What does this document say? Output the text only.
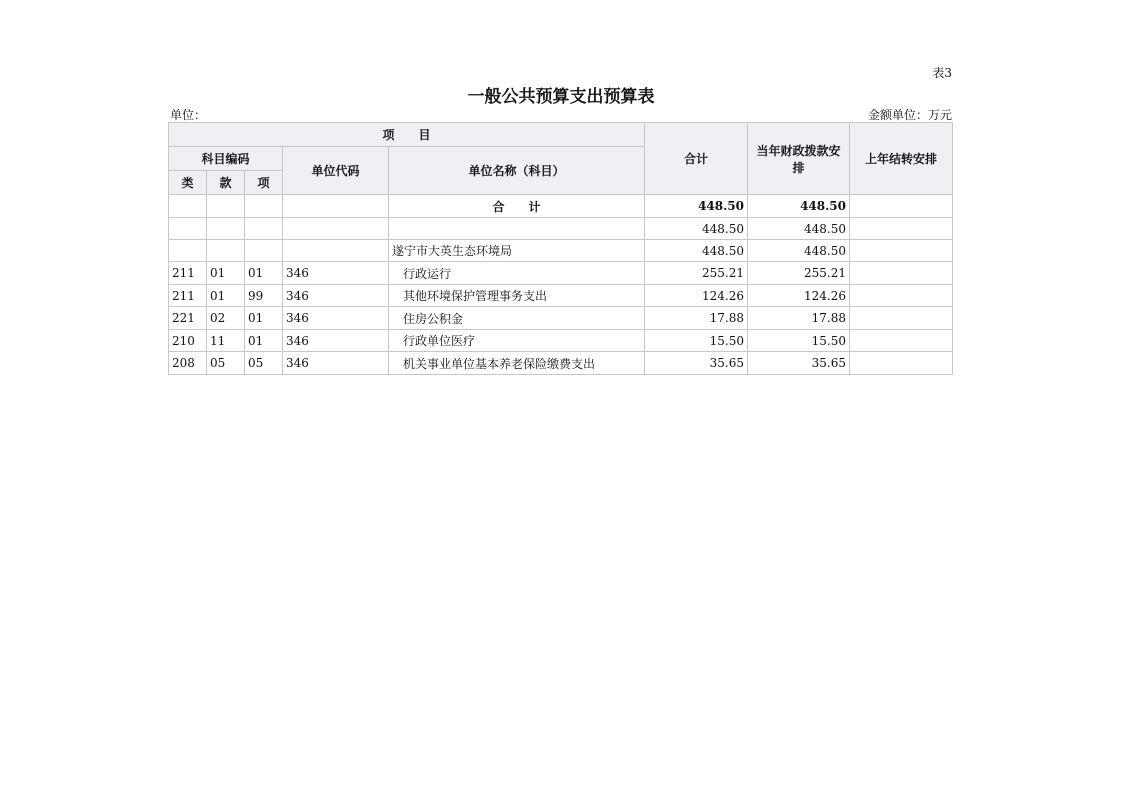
表3
一般公共预算支出预算表
单位：	金额单位：万元
项　　目					合计	当年财政拨款安排	上年结转安排
科目编码			单位代码	单位名称（科目）			
类	款	项					
				合　　计	448.50	448.50	
					448.50	448.50	
				遂宁市大英生态环境局	448.50	448.50	
211	01	01	346	行政运行	255.21	255.21	
211	01	99	346	其他环境保护管理事务支出	124.26	124.26	
221	02	01	346	住房公积金	17.88	17.88	
210	11	01	346	行政单位医疗	15.50	15.50	
208	05	05	346	机关事业单位基本养老保险缴费支出	35.65	35.65	
